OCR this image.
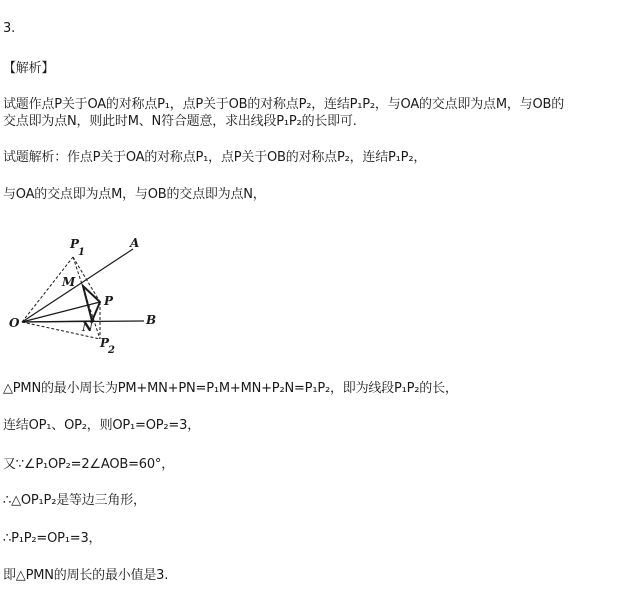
3.
【解析】
试题作点P关于OA的对称点P₁，点P关于OB的对称点P₂，连结P₁P₂，与OA的交点即为点M，与OB的
交点即为点N，则此时M、N符合题意，求出线段P₁P₂的长即可.
试题解析：作点P关于OA的对称点P₁，点P关于OB的对称点P₂，连结P₁P₂，
与OA的交点即为点M，与OB的交点即为点N，
O
A
B
P
M
N
P
1
P
2
△PMN的最小周长为PM+MN+PN=P₁M+MN+P₂N=P₁P₂，即为线段P₁P₂的长，
连结OP₁、OP₂，则OP₁=OP₂=3，
又∵∠P₁OP₂=2∠AOB=60°，
∴△OP₁P₂是等边三角形，
∴P₁P₂=OP₁=3，
即△PMN的周长的最小值是3.
